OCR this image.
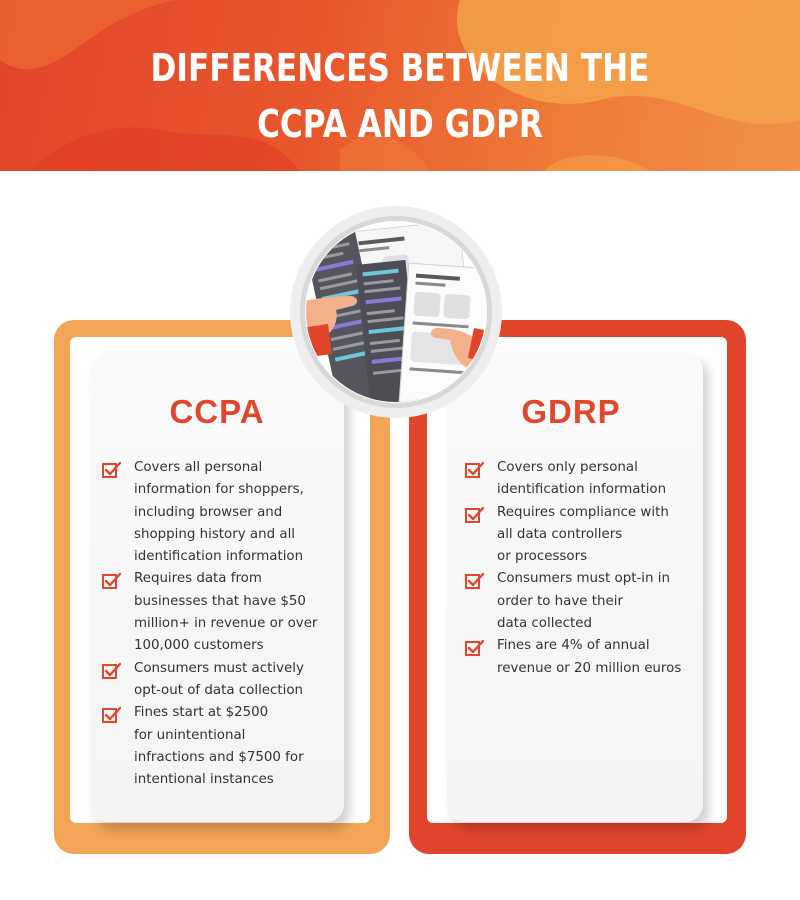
DIFFERENCES BETWEEN THE
CCPA AND GDPR
CCPA
Covers all personal
information for shoppers,
including browser and
shopping history and all
identification information
Requires data from
businesses that have $50
million+ in revenue or over
100,000 customers
Consumers must actively
opt-out of data collection
Fines start at $2500
for unintentional
infractions and $7500 for
intentional instances
GDRP
Covers only personal
identification information
Requires compliance with
all data controllers
or processors
Consumers must opt-in in
order to have their
data collected
Fines are 4% of annual
revenue or 20 million euros
